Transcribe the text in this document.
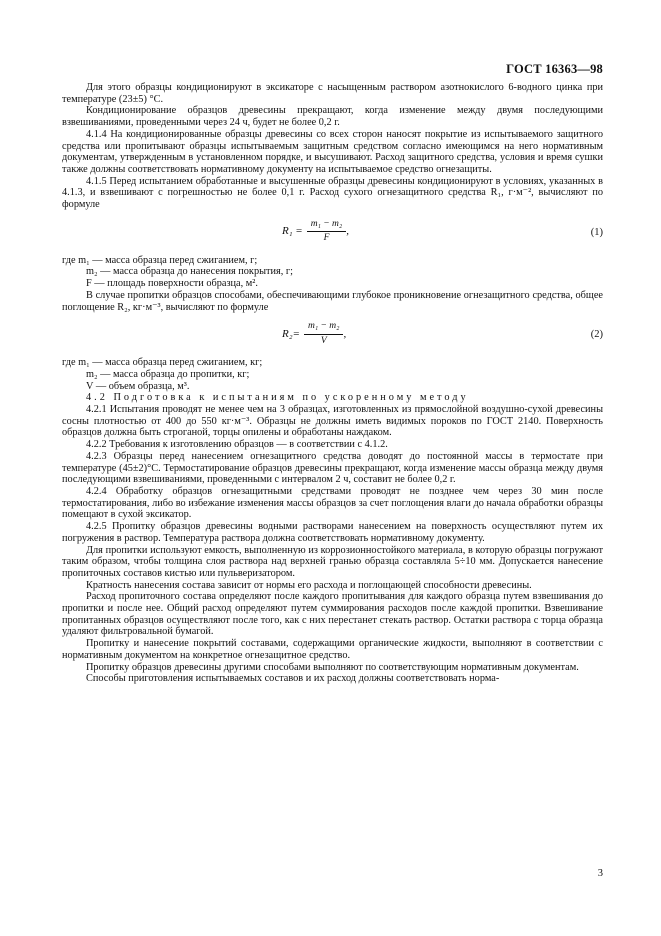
ГОСТ 16363—98

Для этого образцы кондиционируют в эксикаторе с насыщенным раствором азотнокислого 6-водного цинка при температуре (23±5) °С.

Кондиционирование образцов древесины прекращают, когда изменение между двумя последующими взвешиваниями, проведенными через 24 ч, будет не более 0,2 г.

4.1.4 На кондиционированные образцы древесины со всех сторон наносят покрытие из испытываемого защитного средства или пропитывают образцы испытываемым защитным средством согласно имеющимся на него нормативным документам, утвержденным в установленном порядке, и высушивают. Расход защитного средства, условия и время сушки также должны соответствовать нормативному документу на испытываемое средство огнезащиты.

4.1.5 Перед испытанием обработанные и высушенные образцы древесины кондиционируют в условиях, указанных в 4.1.3, и взвешивают с погрешностью не более 0,1 г. Расход сухого огнезащитного средства R₁, г·м⁻², вычисляют по формуле

$R_1 = \frac{\text{m₁ − m₂}}{F}$ ,	(1)

где m₁ — масса образца перед сжиганием, г;

m₂ — масса образца до нанесения покрытия, г;

F — площадь поверхности образца, м².

В случае пропитки образцов способами, обеспечивающими глубокое проникновение огнезащитного средства, общее поглощение R₂, кг·м⁻³, вычисляют по формуле

$R_2= \frac{\text{m₁ − m₂}}{V}$ ,	(2)

где m₁ — масса образца перед сжиганием, кг;

m₂ — масса образца до пропитки, кг;

V — объем образца, м³.

4.2 Подготовка к испытаниям по ускоренному методу

4.2.1 Испытания проводят не менее чем на 3 образцах, изготовленных из прямослойной воздушно-сухой древесины сосны плотностью от 400 до 550 кг·м⁻³. Образцы не должны иметь видимых пороков по ГОСТ 2140. Поверхность образцов должна быть строганой, торцы опилены и обработаны наждаком.

4.2.2 Требования к изготовлению образцов — в соответствии с 4.1.2.

4.2.3 Образцы перед нанесением огнезащитного средства доводят до постоянной массы в термостате при температуре (45±2)°С. Термостатирование образцов древесины прекращают, когда изменение массы образца между двумя последующими взвешиваниями, проведенными с интервалом 2 ч, составит не более 0,2 г.

4.2.4 Обработку образцов огнезащитными средствами проводят не позднее чем через 30 мин после термостатирования, либо во избежание изменения массы образцов за счет поглощения влаги до начала обработки образцы помещают в сухой эксикатор.

4.2.5 Пропитку образцов древесины водными растворами нанесением на поверхность осуществляют путем их погружения в раствор. Температура раствора должна соответствовать нормативному документу.

Для пропитки используют емкость, выполненную из коррозионностойкого материала, в которую образцы погружают таким образом, чтобы толщина слоя раствора над верхней гранью образца составляла 5÷10 мм. Допускается нанесение пропиточных составов кистью или пульверизатором.

Кратность нанесения состава зависит от нормы его расхода и поглощающей способности древесины.

Расход пропиточного состава определяют после каждого пропитывания для каждого образца путем взвешивания до пропитки и после нее. Общий расход определяют путем суммирования расходов после каждой пропитки. Взвешивание пропитанных образцов осуществляют после того, как с них перестанет стекать раствор. Остатки раствора с торца образца удаляют фильтровальной бумагой.

Пропитку и нанесение покрытий составами, содержащими органические жидкости, выполняют в соответствии с нормативным документом на конкретное огнезащитное средство.

Пропитку образцов древесины другими способами выполняют по соответствующим нормативным документам.

Способы приготовления испытываемых составов и их расход должны соответствовать норма-

3
